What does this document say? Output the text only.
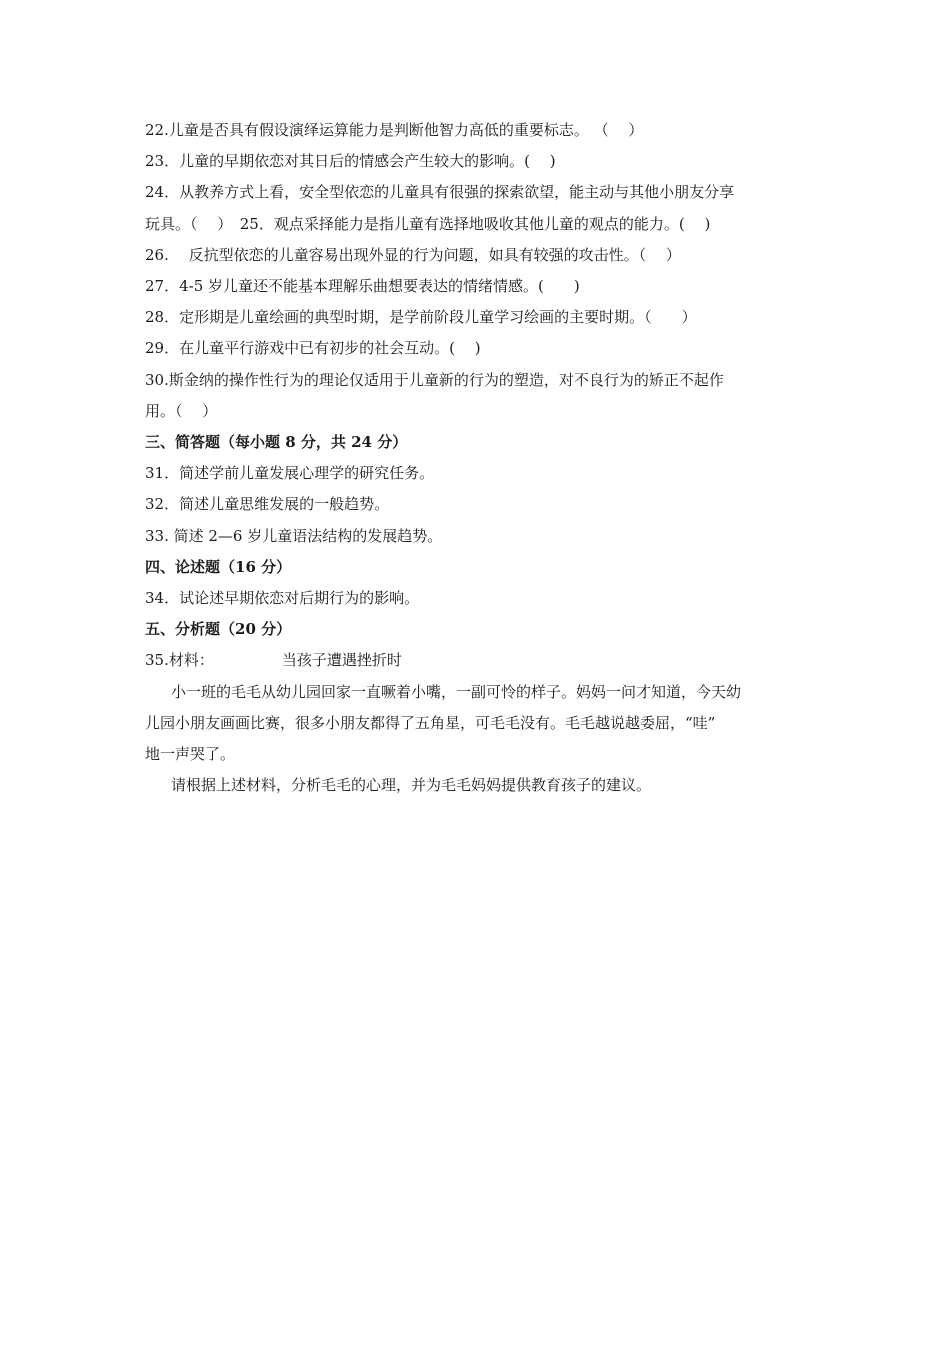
22.儿童是否具有假设演绎运算能力是判断他智力高低的重要标志。 （　 ）
23．儿童的早期依恋对其日后的情感会产生较大的影响。(　 )
24．从教养方式上看，安全型依恋的儿童具有很强的探索欲望，能主动与其他小朋友分享
玩具。（　 ）　25．观点采择能力是指儿童有选择地吸收其他儿童的观点的能力。(　 )
26.　 反抗型依恋的儿童容易出现外显的行为问题，如具有较强的攻击性。（　 ）
27．4-5 岁儿童还不能基本理解乐曲想要表达的情绪情感。(　　)
28．定形期是儿童绘画的典型时期，是学前阶段儿童学习绘画的主要时期。（　　）
29．在儿童平行游戏中已有初步的社会互动。(　 )
30.斯金纳的操作性行为的理论仅适用于儿童新的行为的塑造，对不良行为的矫正不起作
用。（　 ）
三、简答题（每小题 8 分，共 24 分）
31．简述学前儿童发展心理学的研究任务。
32．简述儿童思维发展的一般趋势。
33. 简述 2—6 岁儿童语法结构的发展趋势。
四、论述题（16 分）
34．试论述早期依恋对后期行为的影响。
五、分析题（20 分）
35.材料：	当孩子遭遇挫折时
小一班的毛毛从幼儿园回家一直噘着小嘴，一副可怜的样子。妈妈一问才知道，今天幼
儿园小朋友画画比赛，很多小朋友都得了五角星，可毛毛没有。毛毛越说越委屈，“哇”
地一声哭了。
请根据上述材料，分析毛毛的心理，并为毛毛妈妈提供教育孩子的建议。
